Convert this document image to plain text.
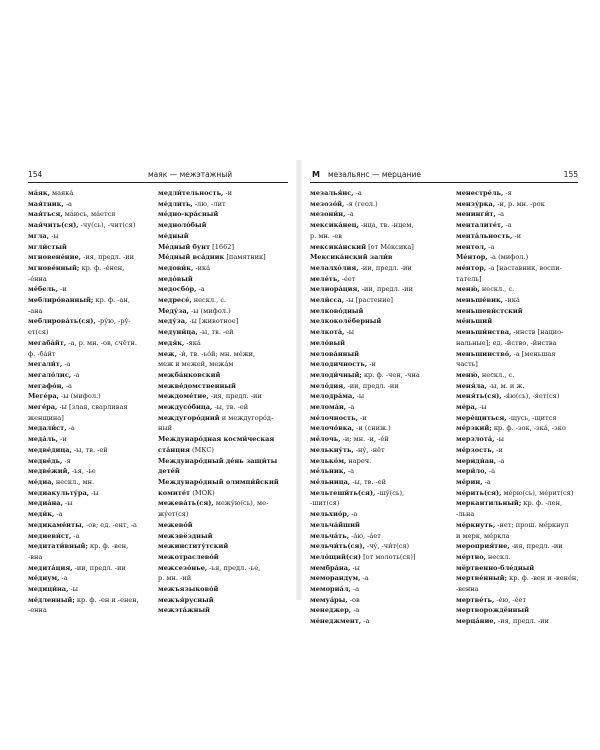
154	маяк — межэтажный
ма́як, маяка́
мая́тник, -а
мая́ться, мáюсь, мáется
мая́чить(ся), -чу(сь), -чит(ся)
мгла, -ы
мгли́стый
мгновене́ние, -ия, предл. -ии
мгнове́нный; кр. ф. -е́нен,
-е́нна
ме́бель, -и
меблиро́ванный; кр. ф. -ан,
-ана
меблирова́ть(ся), -ру́ю, -ру́-
ет(ся)
мегаба́йт, -а, р. мн. -ов, счётн.
ф. -ба́йт
мегали́т, -а
мегало́лис, -а
мегафо́н, -а
Меге́ра, -ы (мифол.)
меге́ра, -ы [злая, сварливая
женщина]
медали́ст, -а
меда́ль, -и
медве́дица, -ы, тв. -ей
медве́дь, -я
медве́жий, -ья, -ье
ме́диа, нескл., мн.
медиакульту́ра, -ы
медиа́на, -ы
меди́к, -а
медикаме́нты, -ов; ед. -ент, -а
медиеви́ст, -а
медитати́вный; кр. ф. -вен,
-вна
медита́ция, -ии, предл. -ии
ме́диум, -а
медици́на, -ы
ме́дленный; кр. ф. -ен и -енен,
-енна
медли́тельность, -и
ме́длить, -лю, -лит
ме́дно-кра́сный
медноло́бый
ме́дный
Ме́дный бунт [1662]
Ме́дный вса́дник [памятник]
медови́к, -ика́
медо́вый
медосбо́р, -а
медресе́, нескл., с.
Меду́за, -ы (мифол.)
меду́за, -ы [животное]
медуни́ца, -ы, тв. -ей
медя́к, -яка́
меж, -и́, тв. -ьо́й; мн. ме́жи,
меж и межей, межа́м
межба́нковский
межве́домственный
междоме́тие, -ия, предл. -ии
междусо́бица, -ы, тв. -ей
междугоро́дний и междугоро́д-
ный
Междунаро́дная косми́ческая
ста́нция (МКС)
Междунаро́дный де́нь защи́ты
дете́й
Междунаро́дный олимпи́йский
комите́т (МОК)
межева́ть(ся), межу́ю(сь), ме-
жу́ет(ся)
межево́й
межзвёздный
межинститу́тский
межотраслево́й
межсезо́нье, -ья, предл. -ье,
р. мн. -ий
межъязыково́й
межъя́русный
межэта́жный
М мезальянс — мерцание	155
мезалья́нс, -а
мезозо́й, -я (геол.)
мезони́н, -а
мексика́нец, -нца, тв. -нцем,
р. мн. -ев
мексика́нский [от Ме́ксика]
Мексика́нский зали́в
мелалхо́лия, -ии, предл. -ии
меле́ть, -е́ет
мелиора́ция, -ии, предл. -ии
мели́сса, -ы [растение]
мелково́дный
мелкоколёберный
мелкота́, -ы
мело́вый
мелова́нный
мелодичность, -и
мелоди́чный; кр. ф. -чен, -чна
мело́дия, -ии, предл. -ии
мелодра́ма, -ы
мелома́н, -а
ме́лочность, -и
мелочо́вка, -и (сниж.)
мёлочь, -и; мн. -и, -е́й
мелькну́ть, -ну́, -нёт
мелько́м, нареч.
ме́льник, -а
ме́льница, -ы, тв. -ей
мельтеши́ть(ся), -шу́(сь),
-шит(ся)
мельхио́р, -а
мельча́йший
мельча́ть, -а́ю, -а́ет
мельчи́ть(ся), -чу́, -чи́т(ся)
мело́щий(ся) [от молоть(ся)]
мембра́на, -ы
меморандум, -а
мемориа́л, -а
мемуа́ры, -ов
менеджер, -а
ме́неджмент, -а
менестре́ль, -я
мензу́рка, -и, р. мн. -рок
менинги́т, -а
менталите́т, -а
мента́льность, -и
ментол, -а
Ме́нтор, -а (мифол.)
ме́нтор, -а [наставник, воспи-
татель]
меню́, нескл., с.
меньше́вик, -ика́
меньшеви́стский
ме́ньший
меньши́нства, -инств [нацио-
нальные]; ед. -йство, -йнства
меньшинство́, -а [меньшая
часть]
меню́, нескл., с.
меня́ла, -ы, м. и ж.
меня́ть(ся), -я́ю(сь), -я́ет(ся)
ме́ра, -ы
мере́щиться, -щусь, -щится
ме́рзкий; кр. ф. -зок, -зка́, -зко
мерзлота́, -ы
ме́рзость, -и
мериди́ан, -а
мери́ло, -а
ме́рин, -а
ме́рить(ся), ме́рю(сь), ме́рит(ся)
меркантильный; кр. ф. -лен,
-льна
ме́ркнуть, -нет; прош. ме́ркнул
и мерк, ме́ркла
мероприя́тие, -ия, предл. -ии
ме́ртво, нескл.
мёртвенно-бле́дный
мертве́нный; кр. ф. -вен и -вене́н,
-венна
мертве́ть, -е́ю, -е́ет
мертворождённый
мерца́ние, -ия, предл. -ии
